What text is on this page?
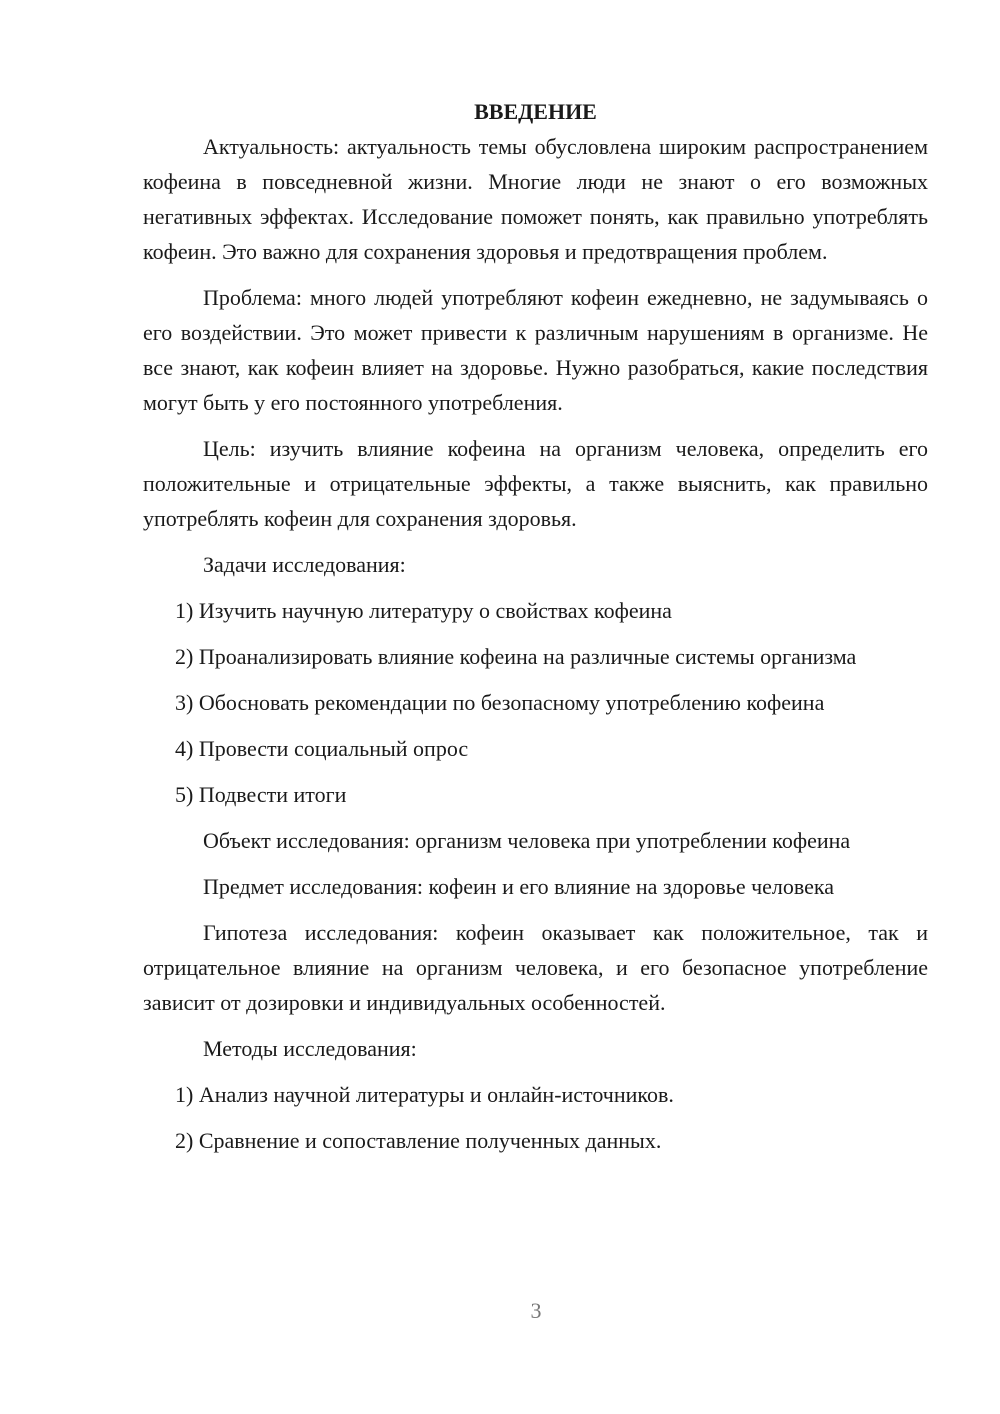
ВВЕДЕНИЕ

Актуальность: актуальность темы обусловлена широким распространением кофеина в повседневной жизни. Многие люди не знают о его возможных негативных эффектах. Исследование поможет понять, как правильно употреблять кофеин. Это важно для сохранения здоровья и предотвращения проблем.

Проблема: много людей употребляют кофеин ежедневно, не задумываясь о его воздействии. Это может привести к различным нарушениям в организме. Не все знают, как кофеин влияет на здоровье. Нужно разобраться, какие последствия могут быть у его постоянного употребления.

Цель: изучить влияние кофеина на организм человека, определить его положительные и отрицательные эффекты, а также выяснить, как правильно употреблять кофеин для сохранения здоровья.

Задачи исследования:

1) Изучить научную литературу о свойствах кофеина

2) Проанализировать влияние кофеина на различные системы организма

3) Обосновать рекомендации по безопасному употреблению кофеина

4) Провести социальный опрос

5) Подвести итоги

Объект исследования: организм человека при употреблении кофеина

Предмет исследования: кофеин и его влияние на здоровье человека

Гипотеза исследования: кофеин оказывает как положительное, так и отрицательное влияние на организм человека, и его безопасное употребление зависит от дозировки и индивидуальных особенностей.

Методы исследования:

1) Анализ научной литературы и онлайн-источников.

2) Сравнение и сопоставление полученных данных.

3
